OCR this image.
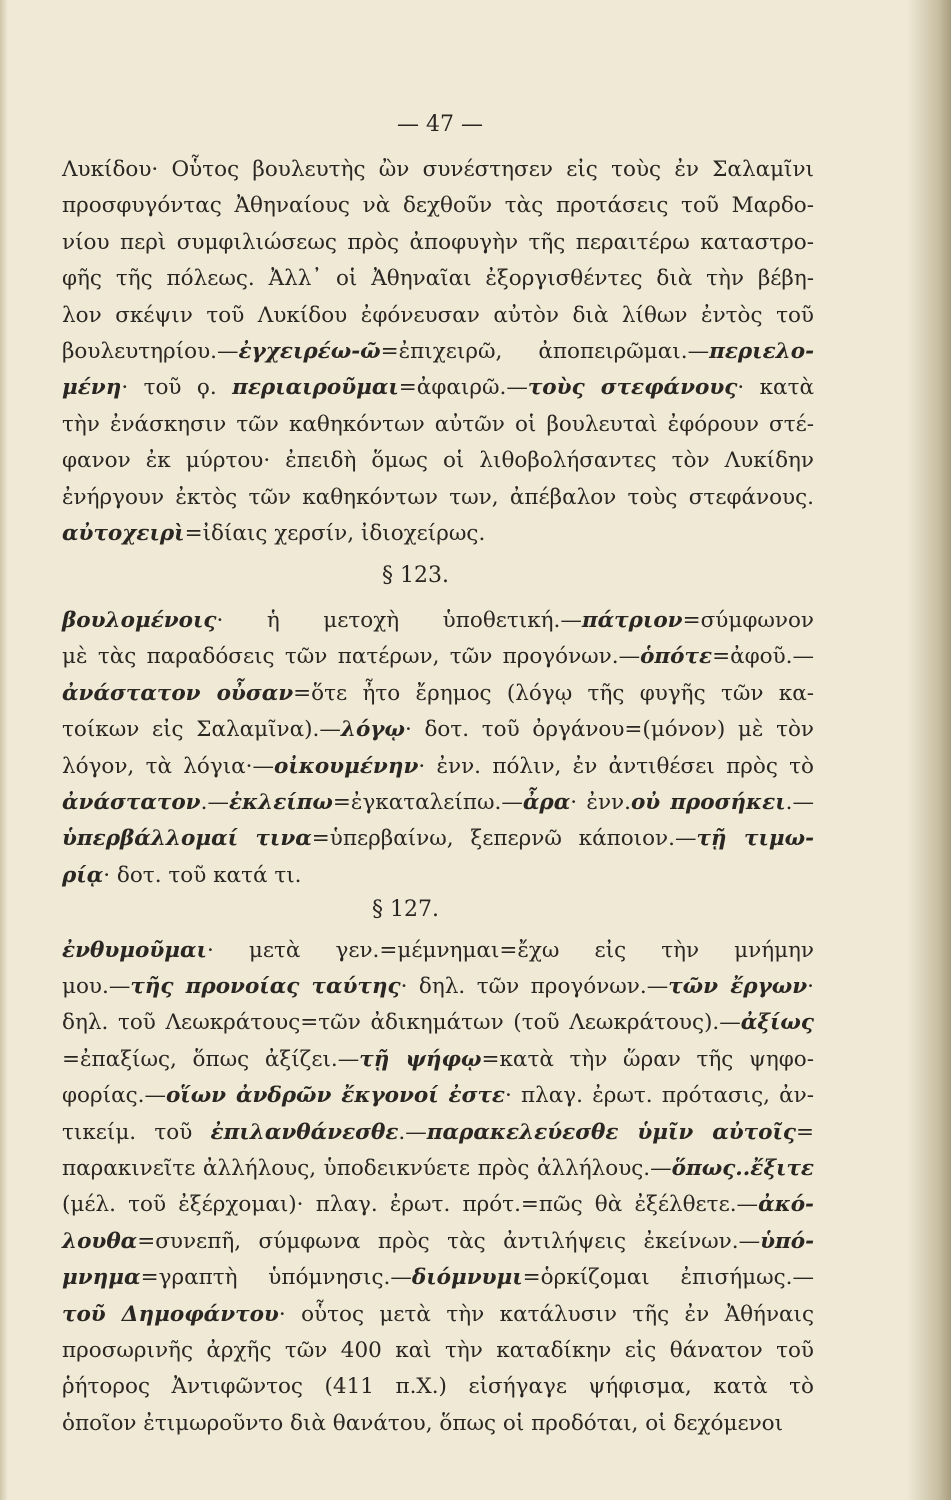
— 47 —
Λυκίδου· Οὗτος βουλευτὴς ὢν συνέστησεν εἰς τοὺς ἐν Σαλαμῖνι
προσφυγόντας Ἀθηναίους νὰ δεχθοῦν τὰς προτάσεις τοῦ Μαρδο-
νίου περὶ συμφιλιώσεως πρὸς ἀποφυγὴν τῆς περαιτέρω καταστρο-
φῆς τῆς πόλεως. Ἀλλ᾽ οἱ Ἀθηναῖαι ἐξοργισθέντες διὰ τὴν βέβη-
λον σκέψιν τοῦ Λυκίδου ἐφόνευσαν αὐτὸν διὰ λίθων ἐντὸς τοῦ
βουλευτηρίου.—ἐγχειρέω-ῶ=ἐπιχειρῶ, ἀποπειρῶμαι.—περιελο-
μένη· τοῦ ϙ. περιαιροῦμαι=ἀφαιρῶ.—τοὺς στεφάνους· κατὰ
τὴν ἐνάσκησιν τῶν καθηκόντων αὐτῶν οἱ βουλευταὶ ἐφόρουν στέ-
φανον ἐκ μύρτου· ἐπειδὴ ὅμως οἱ λιθοβολήσαντες τὸν Λυκίδην
ἐνήργουν ἐκτὸς τῶν καθηκόντων των, ἀπέβαλον τοὺς στεφάνους.
αὐτοχειρὶ=ἰδίαις χερσίν, ἰδιοχείρως.
§ 123.
βουλομένοις· ἡ μετοχὴ ὑποθετική.—πάτριον=σύμφωνον
μὲ τὰς παραδόσεις τῶν πατέρων, τῶν προγόνων.—ὁπότε=ἀφοῦ.—
ἀνάστατον οὖσαν=ὅτε ἦτο ἔρημος (λόγῳ τῆς φυγῆς τῶν κα-
τοίκων εἰς Σαλαμῖνα).—λόγῳ· δοτ. τοῦ ὀργάνου=(μόνον) μὲ τὸν
λόγον, τὰ λόγια·—οἰκουμένην· ἐνν. πόλιν, ἐν ἀντιθέσει πρὸς τὸ
ἀνάστατον.—ἐκλείπω=ἐγκαταλείπω.—ἆρα· ἐνν.οὐ προσήκει.—
ὑπερβάλλομαί τινα=ὑπερβαίνω, ξεπερνῶ κάποιον.—τῇ τιμω-
ρίᾳ· δοτ. τοῦ κατά τι.
§ 127.
ἐνθυμοῦμαι· μετὰ γεν.=μέμνημαι=ἔχω εἰς τὴν μνήμην
μου.—τῆς προνοίας ταύτης· δηλ. τῶν προγόνων.—τῶν ἔργων·
δηλ. τοῦ Λεωκράτους=τῶν ἀδικημάτων (τοῦ Λεωκράτους).—ἀξίως
=ἐπαξίως, ὅπως ἀξίζει.—τῇ ψήφῳ=κατὰ τὴν ὥραν τῆς ψηφο-
φορίας.—οἵων ἀνδρῶν ἔκγονοί ἐστε· πλαγ. ἐρωτ. πρότασις, ἀν-
τικείμ. τοῦ ἐπιλανθάνεσθε.—παρακελεύεσθε ὑμῖν αὐτοῖς=
παρακινεῖτε ἀλλήλους, ὑποδεικνύετε πρὸς ἀλλήλους.—ὅπως..ἔξιτε
(μέλ. τοῦ ἐξέρχομαι)· πλαγ. ἐρωτ. πρότ.=πῶς θὰ ἐξέλθετε.—ἀκό-
λουθα=συνεπῆ, σύμφωνα πρὸς τὰς ἀντιλήψεις ἐκείνων.—ὑπό-
μνημα=γραπτὴ ὑπόμνησις.—διόμνυμι=ὁρκίζομαι ἐπισήμως.—
τοῦ Δημοφάντου· οὗτος μετὰ τὴν κατάλυσιν τῆς ἐν Ἀθήναις
προσωρινῆς ἀρχῆς τῶν 400 καὶ τὴν καταδίκην εἰς θάνατον τοῦ
ῥήτορος Ἀντιφῶντος (411 π.Χ.) εἰσήγαγε ψήφισμα, κατὰ τὸ
ὁποῖον ἐτιμωροῦντο διὰ θανάτου, ὅπως οἱ προδόται, οἱ δεχόμενοι
